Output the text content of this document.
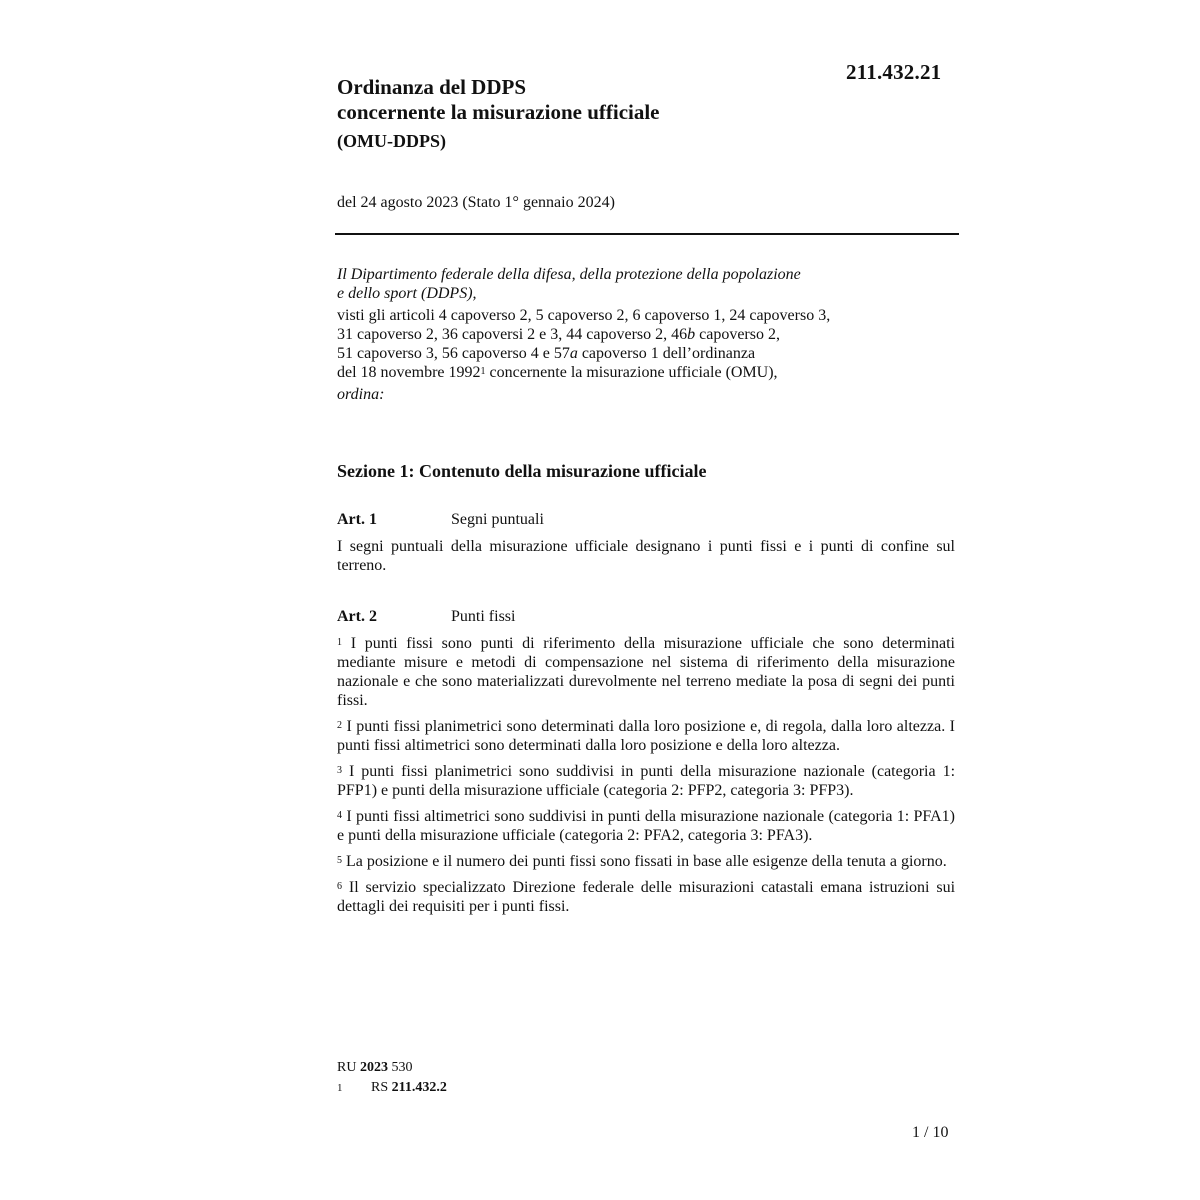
211.432.21
Ordinanza del DDPS
concernente la misurazione ufficiale
(OMU-DDPS)
del 24 agosto 2023 (Stato 1° gennaio 2024)

Il Dipartimento federale della difesa, della protezione della popolazione
e dello sport (DDPS),

visti gli articoli 4 capoverso 2, 5 capoverso 2, 6 capoverso 1, 24 capoverso 3,
31 capoverso 2, 36 capoversi 2 e 3, 44 capoverso 2, 46b capoverso 2,
51 capoverso 3, 56 capoverso 4 e 57a capoverso 1 dell’ordinanza
del 18 novembre 1992$^1$ concernente la misurazione ufficiale (OMU),

ordina:

Sezione 1: Contenuto della misurazione ufficiale
Art. 1	Segni puntuali

I segni puntuali della misurazione ufficiale designano i punti fissi e i punti di confine sul terreno.

Art. 2	Punti fissi

$^1$ I punti fissi sono punti di riferimento della misurazione ufficiale che sono determinati mediante misure e metodi di compensazione nel sistema di riferimento della misurazione nazionale e che sono materializzati durevolmente nel terreno mediate la posa di segni dei punti fissi.

$^2$ I punti fissi planimetrici sono determinati dalla loro posizione e, di regola, dalla loro altezza. I punti fissi altimetrici sono determinati dalla loro posizione e della loro altezza.

$^3$ I punti fissi planimetrici sono suddivisi in punti della misurazione nazionale (categoria 1: PFP1) e punti della misurazione ufficiale (categoria 2: PFP2, categoria 3: PFP3).

$^4$ I punti fissi altimetrici sono suddivisi in punti della misurazione nazionale (categoria 1: PFA1) e punti della misurazione ufficiale (categoria 2: PFA2, categoria 3: PFA3).

$^5$ La posizione e il numero dei punti fissi sono fissati in base alle esigenze della tenuta a giorno.

$^6$ Il servizio specializzato Direzione federale delle misurazioni catastali emana istruzioni sui dettagli dei requisiti per i punti fissi.

RU 2023 530
1	RS 211.432.2
1 / 10
